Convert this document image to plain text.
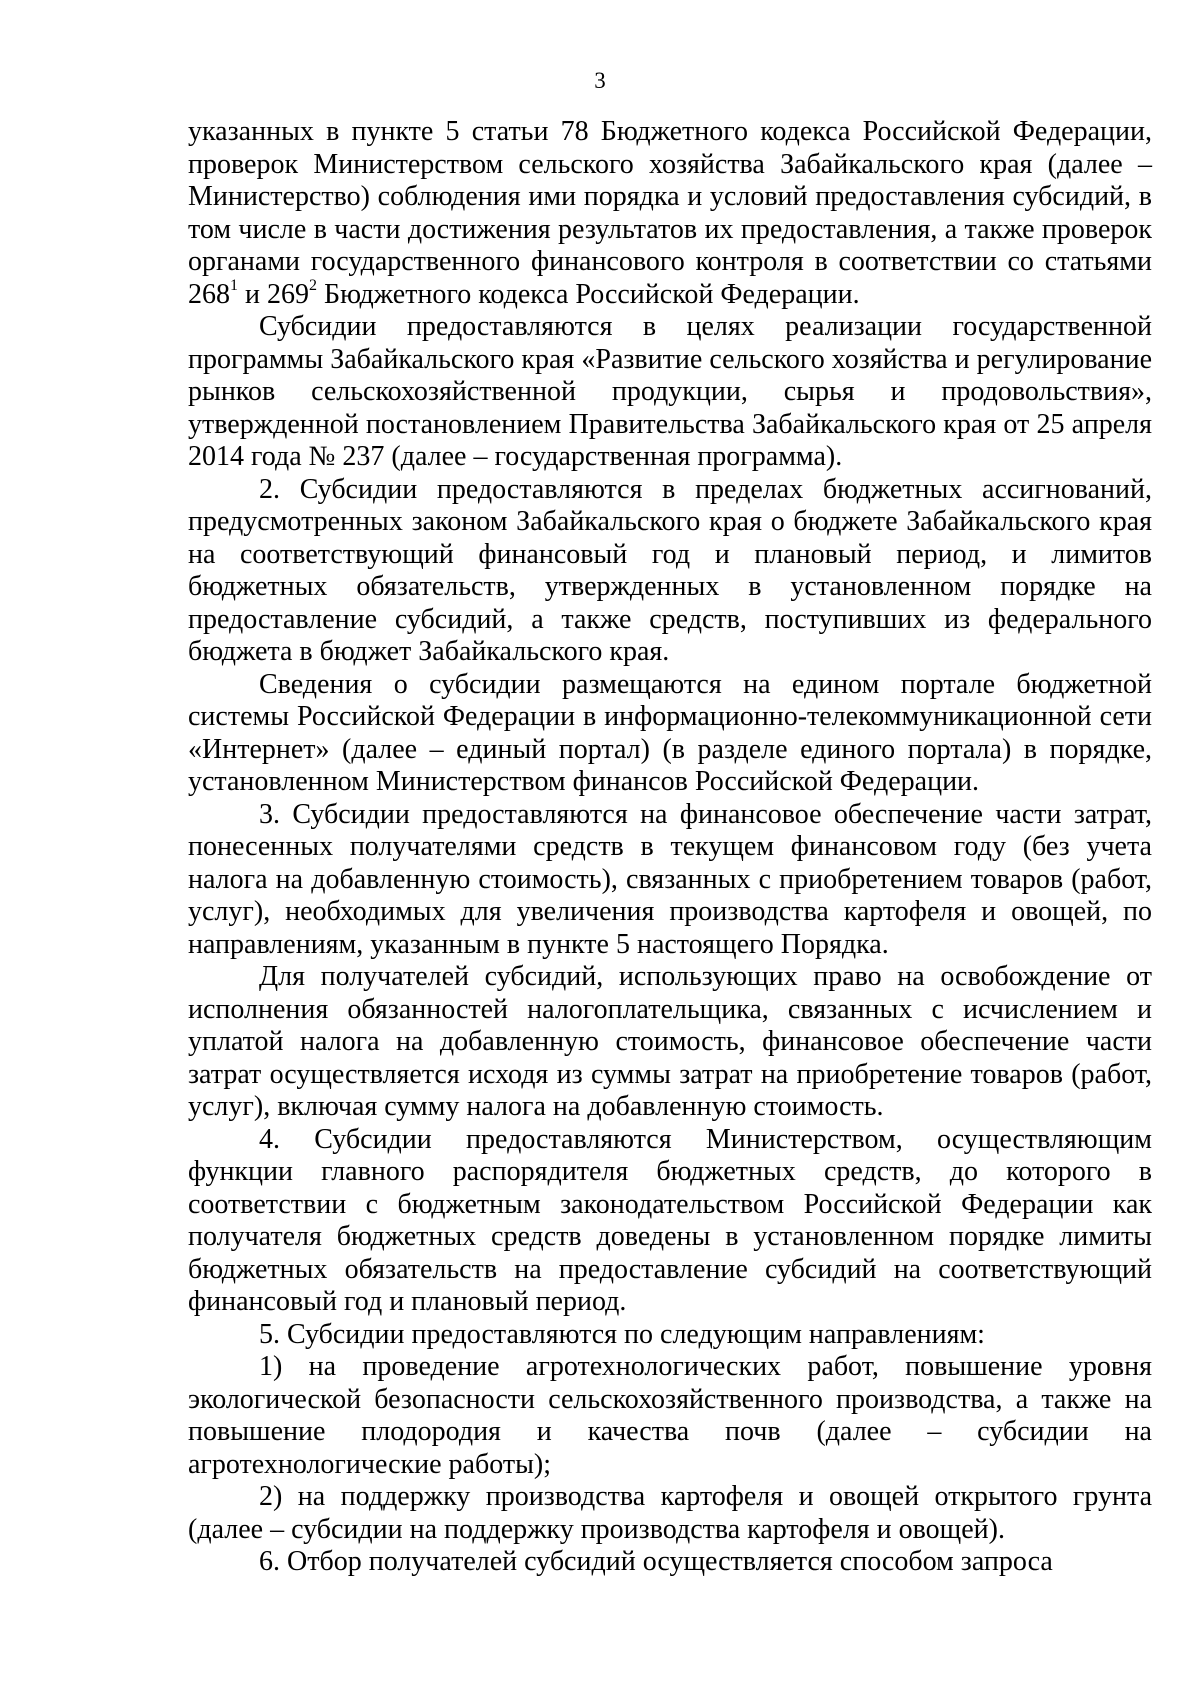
3

указанных в пункте 5 статьи 78 Бюджетного кодекса Российской Федерации, проверок Министерством сельского хозяйства Забайкальского края (далее – Министерство) соблюдения ими порядка и условий предоставления субсидий, в том числе в части достижения результатов их предоставления, а также проверок органами государственного финансового контроля в соответствии со статьями $268^1$ и $269^2$ Бюджетного кодекса Российской Федерации.

Субсидии предоставляются в целях реализации государственной программы Забайкальского края «Развитие сельского хозяйства и регулирование рынков сельскохозяйственной продукции, сырья и продовольствия», утвержденной постановлением Правительства Забайкальского края от 25 апреля 2014 года № 237 (далее – государственная программа).

2. Субсидии предоставляются в пределах бюджетных ассигнований, предусмотренных законом Забайкальского края о бюджете Забайкальского края на соответствующий финансовый год и плановый период, и лимитов бюджетных обязательств, утвержденных в установленном порядке на предоставление субсидий, а также средств, поступивших из федерального бюджета в бюджет Забайкальского края.

Сведения о субсидии размещаются на едином портале бюджетной системы Российской Федерации в информационно-телекоммуникационной сети «Интернет» (далее – единый портал) (в разделе единого портала) в порядке, установленном Министерством финансов Российской Федерации.

3. Субсидии предоставляются на финансовое обеспечение части затрат, понесенных получателями средств в текущем финансовом году (без учета налога на добавленную стоимость), связанных с приобретением товаров (работ, услуг), необходимых для увеличения производства картофеля и овощей, по направлениям, указанным в пункте 5 настоящего Порядка.

Для получателей субсидий, использующих право на освобождение от исполнения обязанностей налогоплательщика, связанных с исчислением и уплатой налога на добавленную стоимость, финансовое обеспечение части затрат осуществляется исходя из суммы затрат на приобретение товаров (работ, услуг), включая сумму налога на добавленную стоимость.

4. Субсидии предоставляются Министерством, осуществляющим функции главного распорядителя бюджетных средств, до которого в соответствии с бюджетным законодательством Российской Федерации как получателя бюджетных средств доведены в установленном порядке лимиты бюджетных обязательств на предоставление субсидий на соответствующий финансовый год и плановый период.

5. Субсидии предоставляются по следующим направлениям:

1) на проведение агротехнологических работ, повышение уровня экологической безопасности сельскохозяйственного производства, а также на повышение плодородия и качества почв (далее – субсидии на агротехнологические работы);

2) на поддержку производства картофеля и овощей открытого грунта (далее – субсидии на поддержку производства картофеля и овощей).

6. Отбор получателей субсидий осуществляется способом запроса
